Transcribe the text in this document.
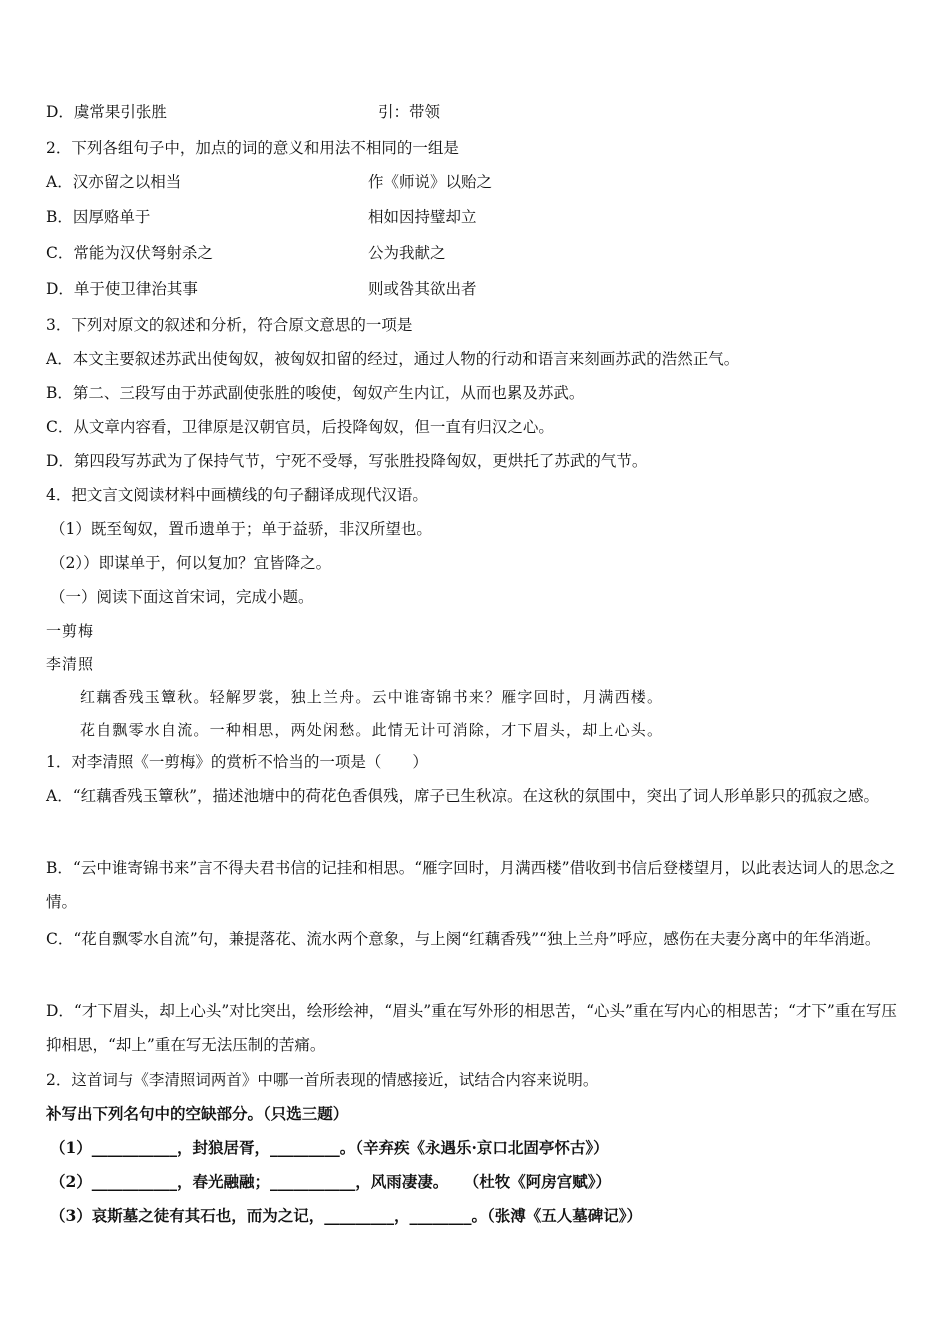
D．虞常果引张胜	引：带领
2．下列各组句子中，加点的词的意义和用法不相同的一组是
A．汉亦留之以相当	作《师说》以贻之
B．因厚赂单于	相如因持璧却立
C．常能为汉伏弩射杀之	公为我献之
D．单于使卫律治其事	则或咎其欲出者
3．下列对原文的叙述和分析，符合原文意思的一项是
A．本文主要叙述苏武出使匈奴，被匈奴扣留的经过，通过人物的行动和语言来刻画苏武的浩然正气。
B．第二、三段写由于苏武副使张胜的唆使，匈奴产生内讧，从而也累及苏武。
C．从文章内容看，卫律原是汉朝官员，后投降匈奴，但一直有归汉之心。
D．第四段写苏武为了保持气节，宁死不受辱，写张胜投降匈奴，更烘托了苏武的气节。
4．把文言文阅读材料中画横线的句子翻译成现代汉语。
（1）既至匈奴，置币遗单于；单于益骄，非汉所望也。
（2））即谋单于，何以复加？宜皆降之。
（一）阅读下面这首宋词，完成小题。
一剪梅
李清照
红藕香残玉簟秋。轻解罗裳，独上兰舟。云中谁寄锦书来？雁字回时，月满西楼。
花自飘零水自流。一种相思，两处闲愁。此情无计可消除，才下眉头，却上心头。
1．对李清照《一剪梅》的赏析不恰当的一项是（　　）
A．“红藕香残玉簟秋”，描述池塘中的荷花色香俱残，席子已生秋凉。在这秋的氛围中，突出了词人形单影只的孤寂之感。
B．“云中谁寄锦书来”言不得夫君书信的记挂和相思。“雁字回时，月满西楼”借收到书信后登楼望月，以此表达词人的思念之情。
C．“花自飘零水自流”句，兼提落花、流水两个意象，与上阕“红藕香残”“独上兰舟”呼应，感伤在夫妻分离中的年华消逝。
D．“才下眉头，却上心头”对比突出，绘形绘神，“眉头”重在写外形的相思苦，“心头”重在写内心的相思苦；“才下”重在写压抑相思，“却上”重在写无法压制的苦痛。
2．这首词与《李清照词两首》中哪一首所表现的情感接近，试结合内容来说明。
补写出下列名句中的空缺部分。（只选三题）
（1）___________，封狼居胥，_________。（辛弃疾《永遇乐·京口北固亭怀古》）
（2）___________，春光融融；___________，风雨凄凄。　　（杜牧《阿房宫赋》）
（3）哀斯墓之徒有其石也，而为之记，_________，________。（张溥《五人墓碑记》）
